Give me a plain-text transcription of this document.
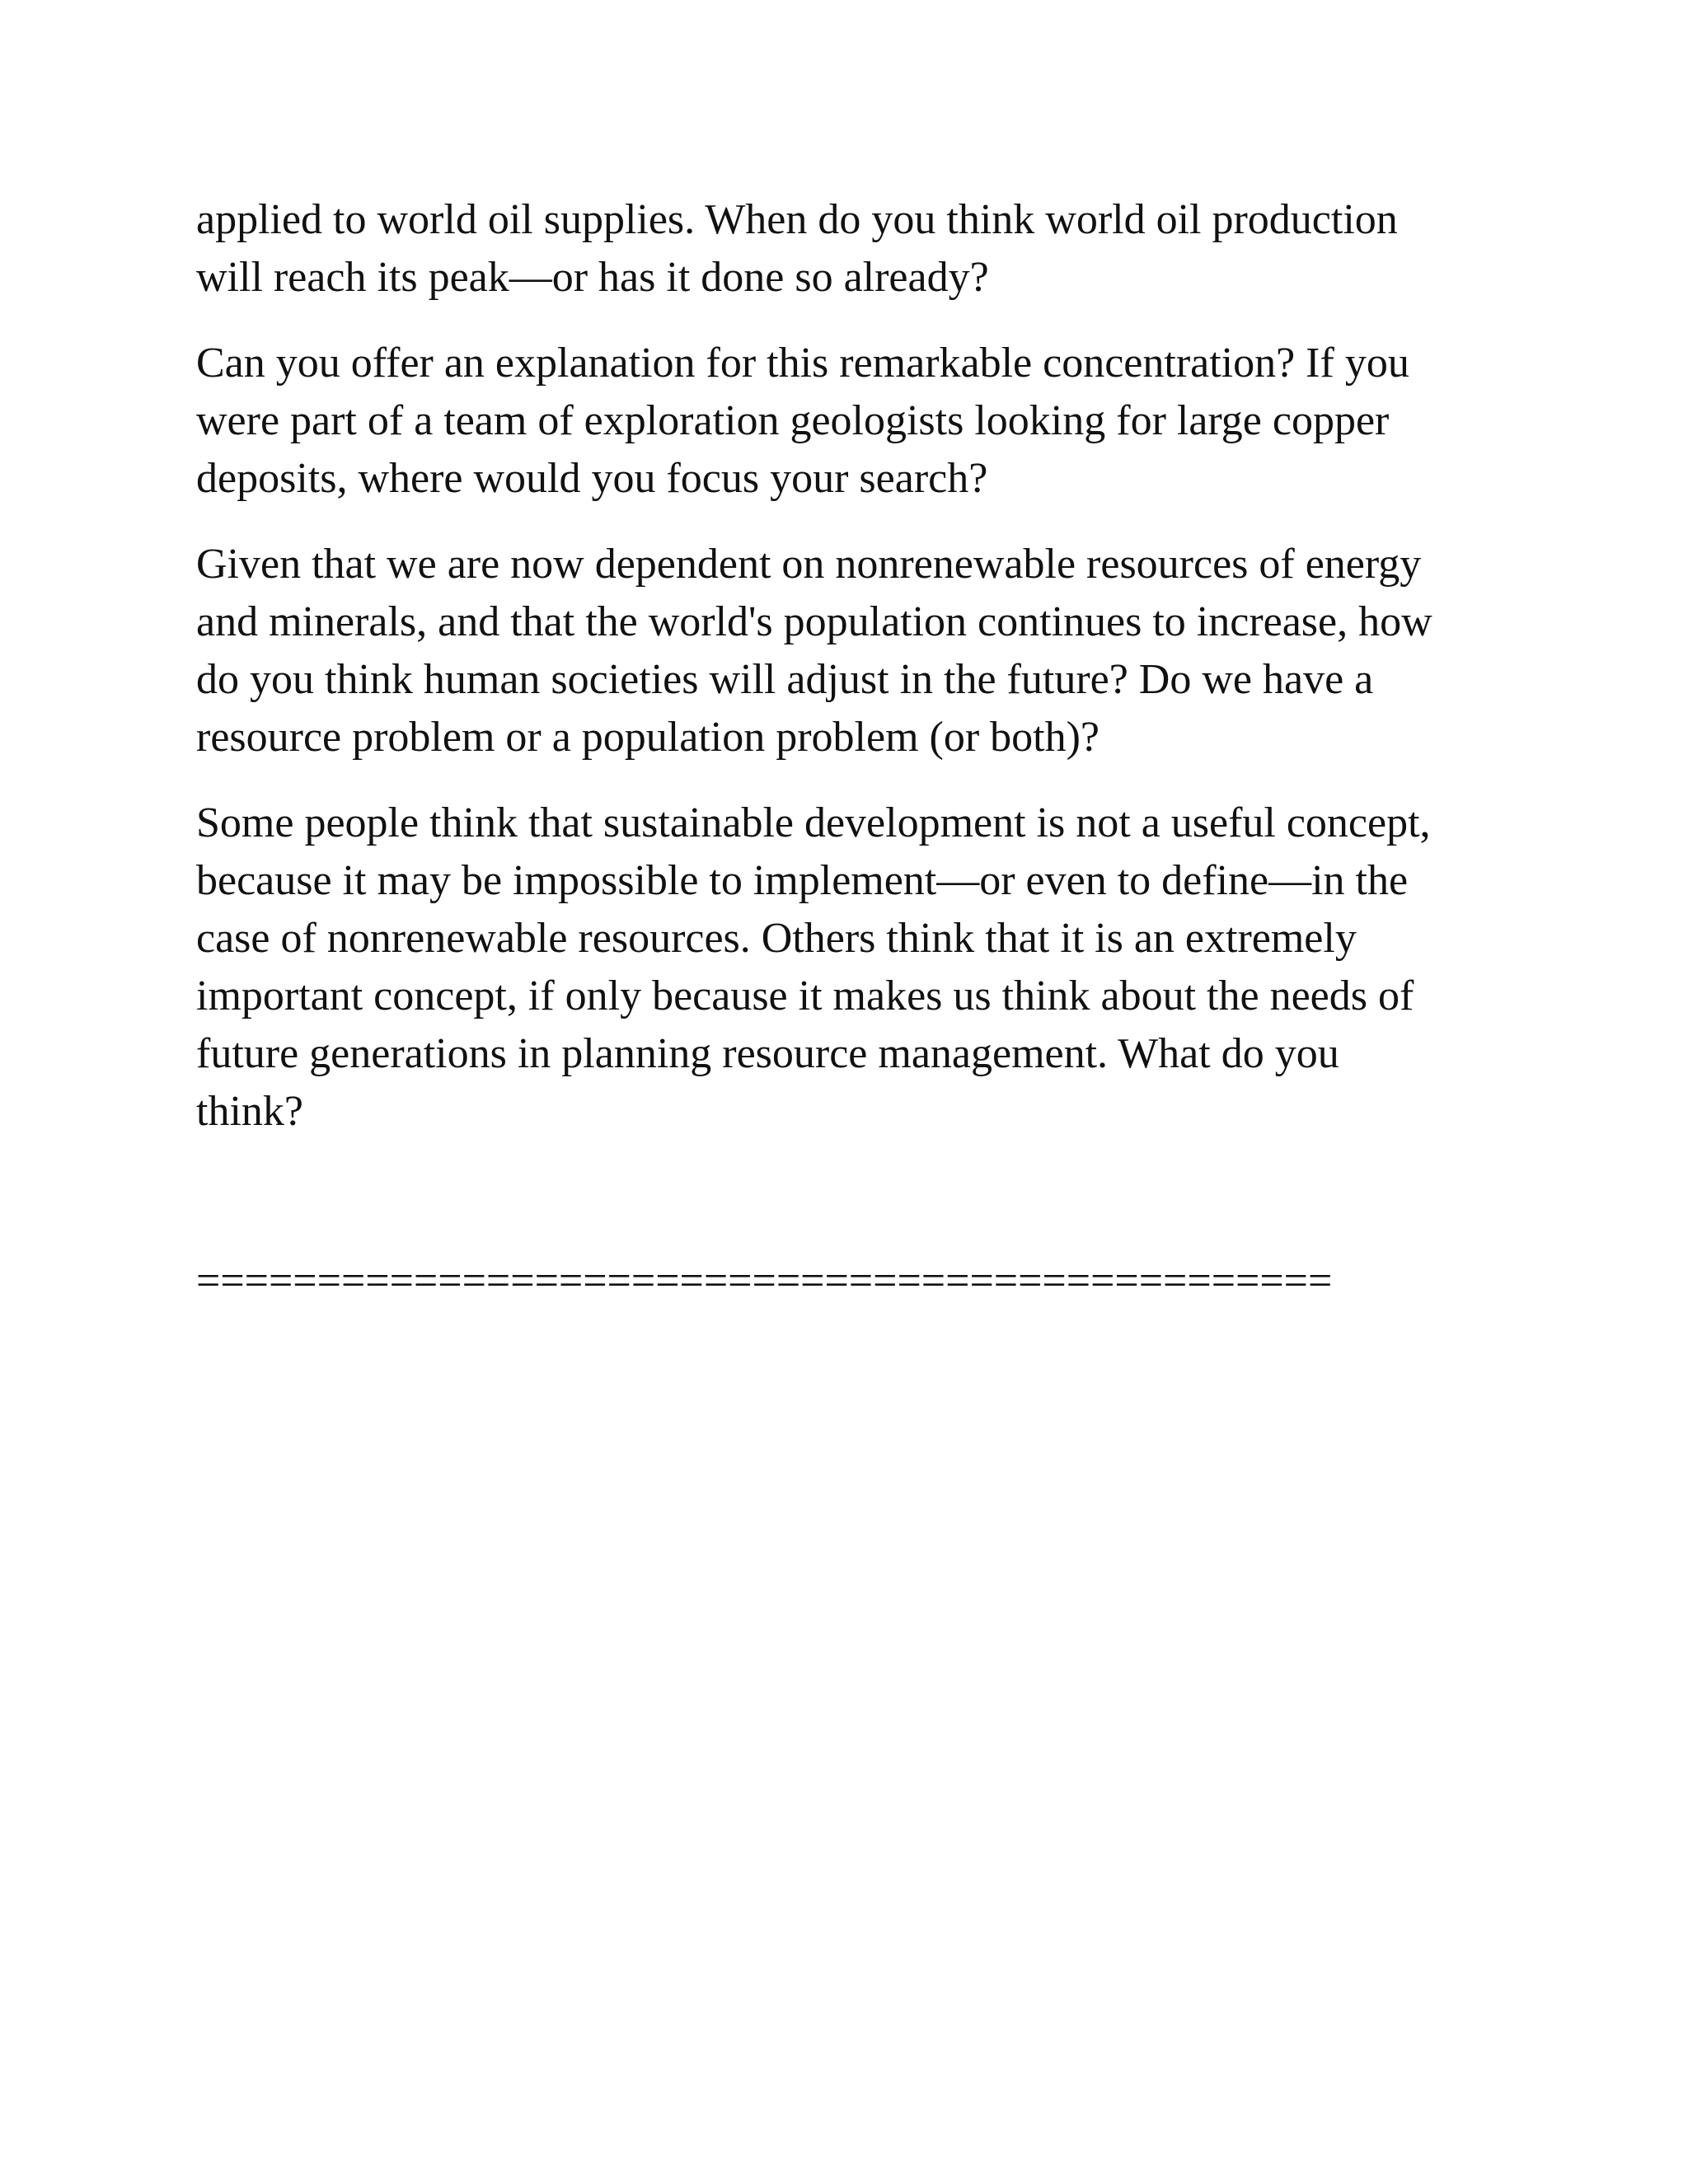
applied to world oil supplies. When do you think world oil production
will reach its peak—or has it done so already?
Can you offer an explanation for this remarkable concentration? If you
were part of a team of exploration geologists looking for large copper
deposits, where would you focus your search?
Given that we are now dependent on nonrenewable resources of energy
and minerals, and that the world's population continues to increase, how
do you think human societies will adjust in the future? Do we have a
resource problem or a population problem (or both)?
Some people think that sustainable development is not a useful concept,
because it may be impossible to implement—or even to define—in the
case of nonrenewable resources. Others think that it is an extremely
important concept, if only because it makes us think about the needs of
future generations in planning resource management. What do you
think?
===============================================
